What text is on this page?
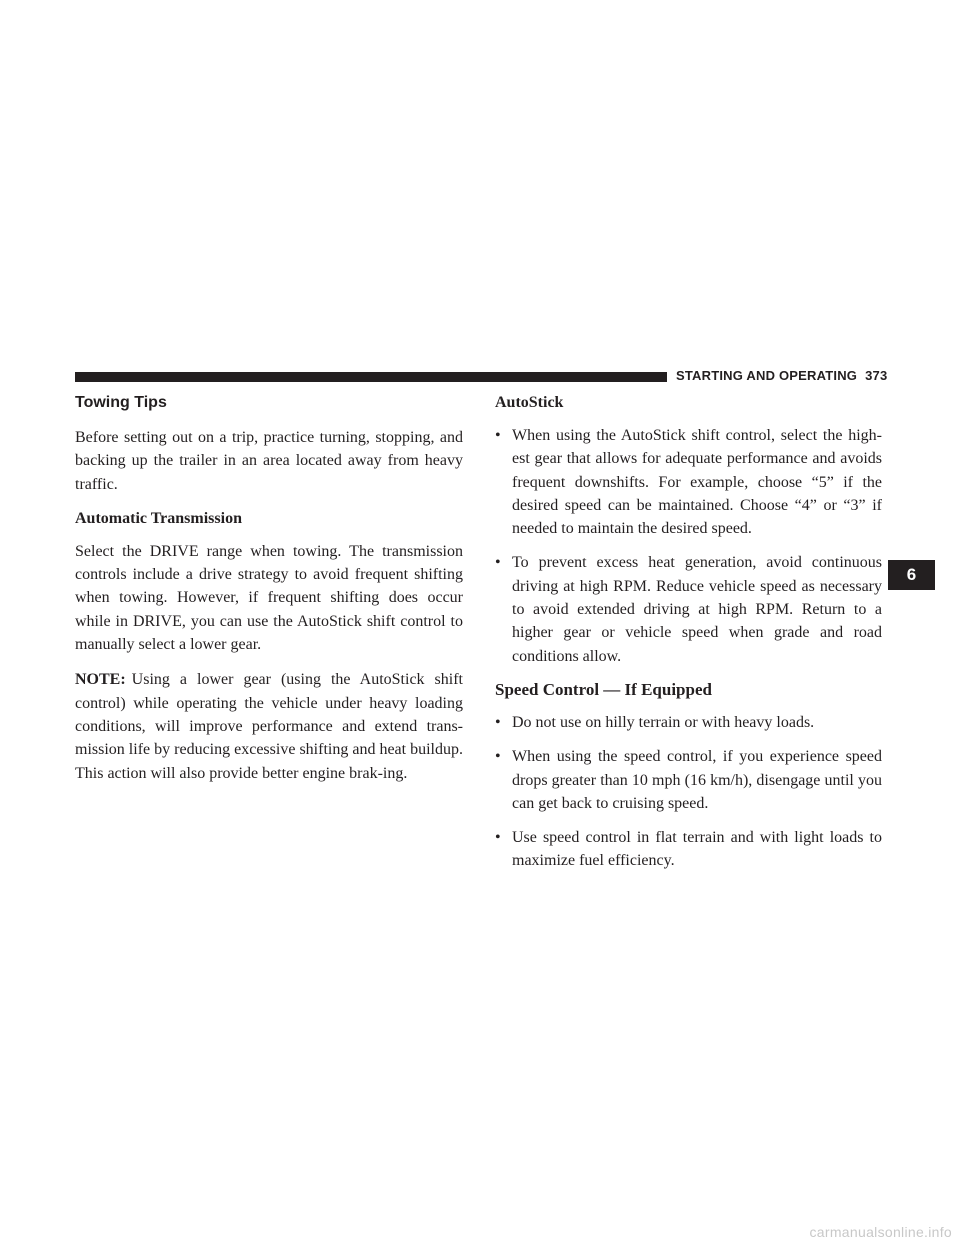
STARTING AND OPERATING 373
Towing Tips

Before setting out on a trip, practice turning, stopping, and backing up the trailer in an area located away from heavy traffic.

Automatic Transmission

Select the DRIVE range when towing. The transmission controls include a drive strategy to avoid frequent shifting when towing. However, if frequent shifting does occur while in DRIVE, you can use the AutoStick shift control to manually select a lower gear.

NOTE: Using a lower gear (using the AutoStick shift control) while operating the vehicle under heavy loading conditions, will improve performance and extend trans-mission life by reducing excessive shifting and heat buildup. This action will also provide better engine brak-ing.

AutoStick
• When using the AutoStick shift control, select the high-est gear that allows for adequate performance and avoids frequent downshifts. For example, choose “5” if the desired speed can be maintained. Choose “4” or “3” if needed to maintain the desired speed.
• To prevent excess heat generation, avoid continuous driving at high RPM. Reduce vehicle speed as necessary to avoid extended driving at high RPM. Return to a higher gear or vehicle speed when grade and road conditions allow.
Speed Control — If Equipped
• Do not use on hilly terrain or with heavy loads.
• When using the speed control, if you experience speed drops greater than 10 mph (16 km/h), disengage until you can get back to cruising speed.
• Use speed control in flat terrain and with light loads to maximize fuel efficiency.
6
carmanualsonline.info
